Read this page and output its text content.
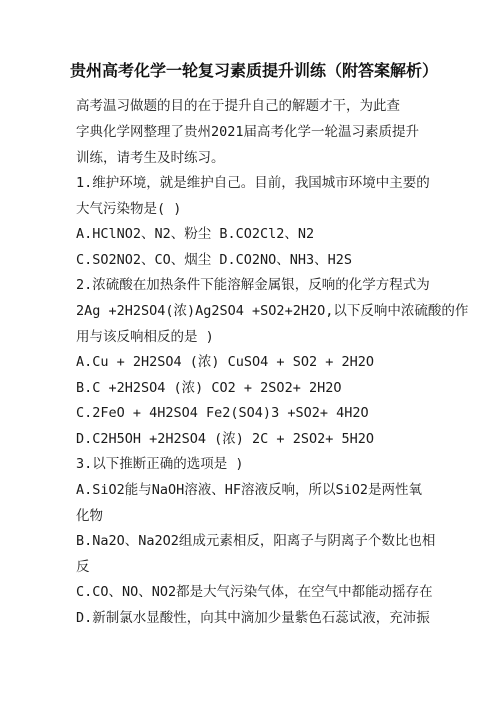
贵州高考化学一轮复习素质提升训练（附答案解析）
高考温习做题的目的在于提升自己的解题才干，为此查
字典化学网整理了贵州2021届高考化学一轮温习素质提升
训练，请考生及时练习。
1.维护环境，就是维护自己。目前，我国城市环境中主要的
大气污染物是( )
A.HClNO2、N2、粉尘 B.CO2Cl2、N2
C.SO2NO2、CO、烟尘 D.CO2NO、NH3、H2S
2.浓硫酸在加热条件下能溶解金属银，反响的化学方程式为
2Ag +2H2SO4(浓)Ag2SO4 +SO2+2H2O,以下反响中浓硫酸的作
用与该反响相反的是 )
A.Cu + 2H2SO4 (浓) CuSO4 + SO2 + 2H2O
B.C +2H2SO4 (浓) CO2 + 2SO2+ 2H2O
C.2FeO + 4H2SO4 Fe2(SO4)3 +SO2+ 4H2O
D.C2H5OH +2H2SO4 (浓) 2C + 2SO2+ 5H2O
3.以下推断正确的选项是 )
A.SiO2能与NaOH溶液、HF溶液反响，所以SiO2是两性氧
化物
B.Na2O、Na2O2组成元素相反，阳离子与阴离子个数比也相
反
C.CO、NO、NO2都是大气污染气体，在空气中都能动摇存在
D.新制氯水显酸性，向其中滴加少量紫色石蕊试液，充沛振
